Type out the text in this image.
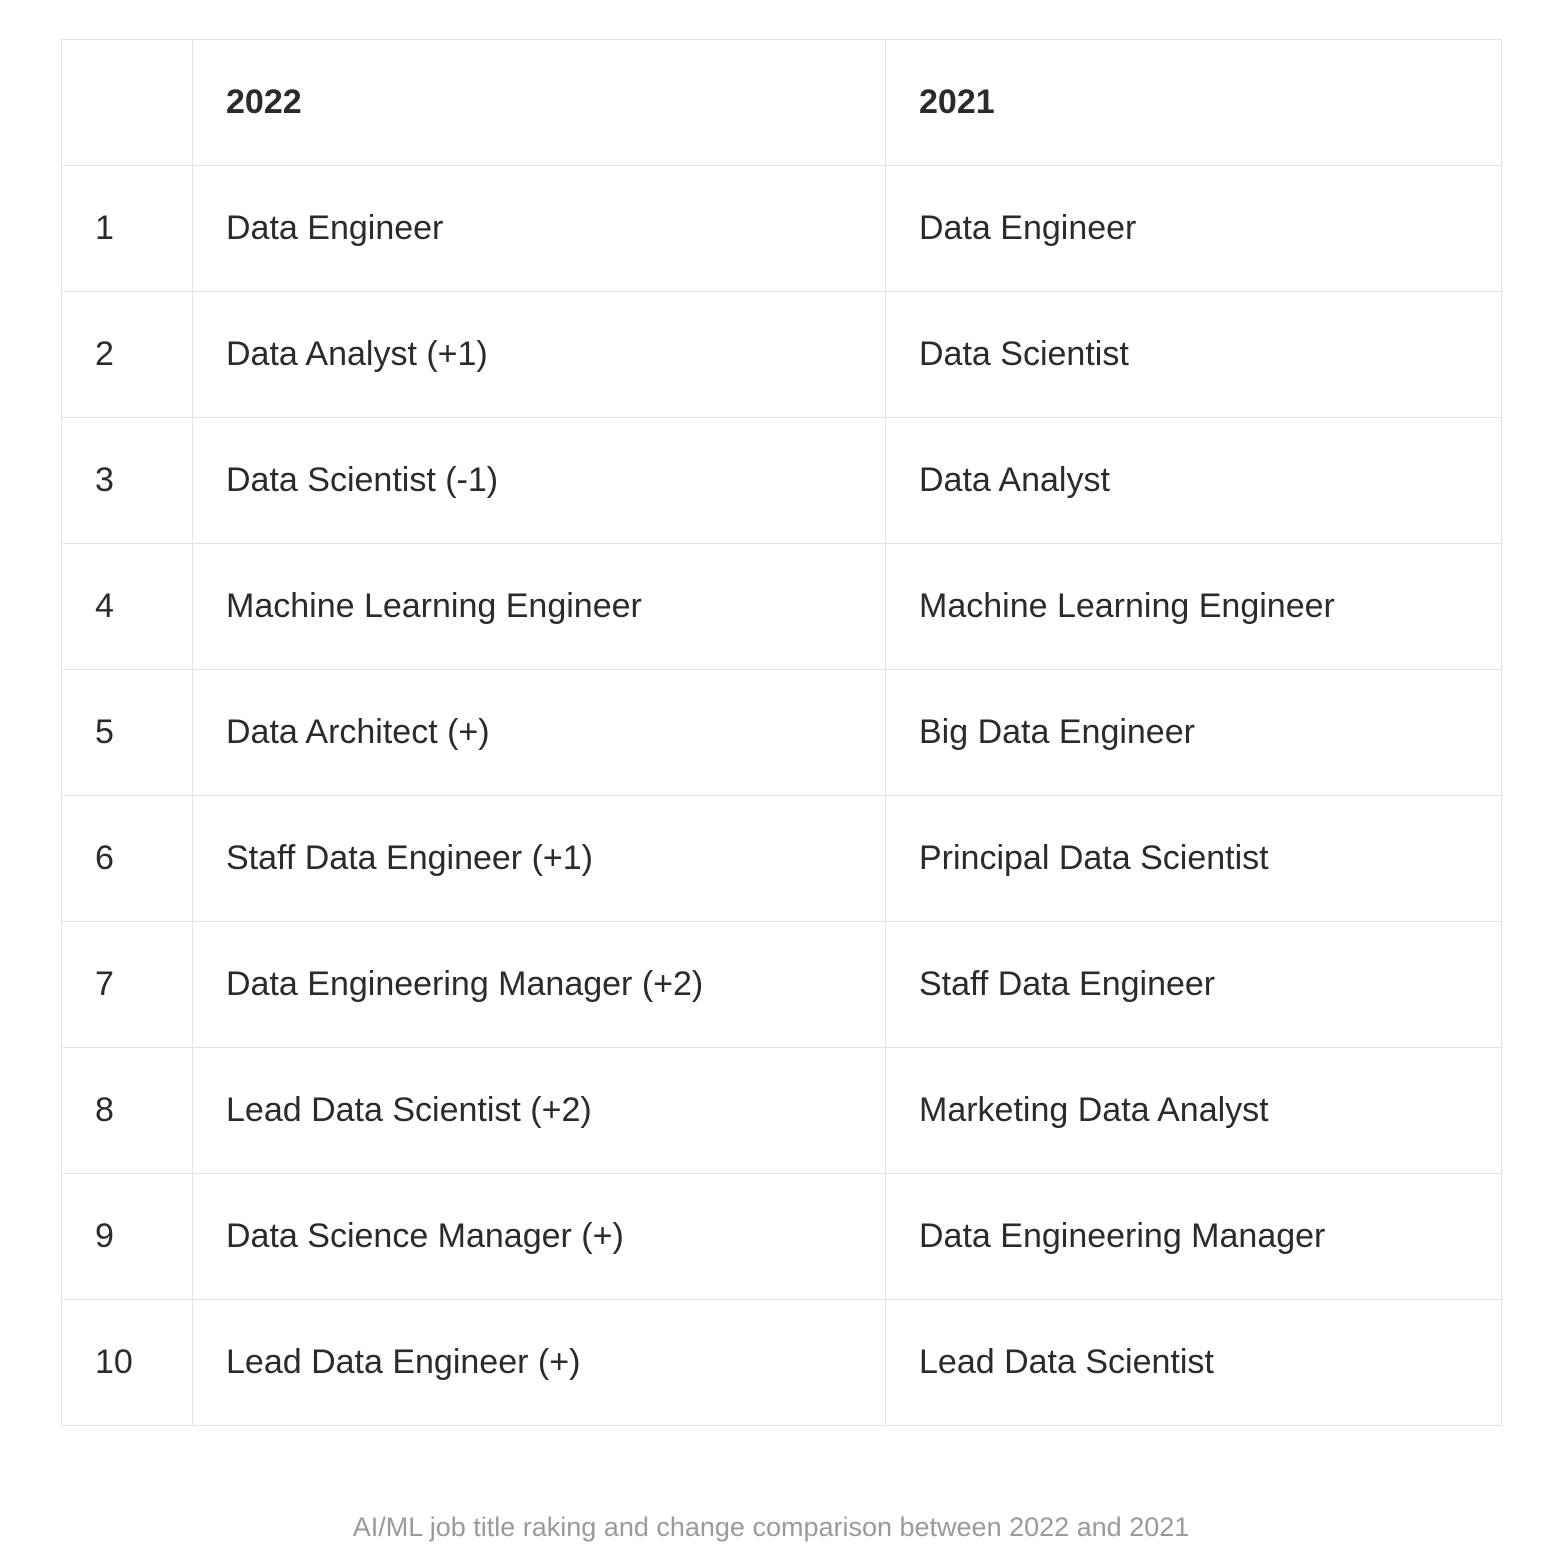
	2022	2021
1	Data Engineer	Data Engineer
2	Data Analyst (+1)	Data Scientist
3	Data Scientist (-1)	Data Analyst
4	Machine Learning Engineer	Machine Learning Engineer
5	Data Architect (+)	Big Data Engineer
6	Staff Data Engineer (+1)	Principal Data Scientist
7	Data Engineering Manager (+2)	Staff Data Engineer
8	Lead Data Scientist (+2)	Marketing Data Analyst
9	Data Science Manager (+)	Data Engineering Manager
10	Lead Data Engineer (+)	Lead Data Scientist
AI/ML job title raking and change comparison between 2022 and 2021
